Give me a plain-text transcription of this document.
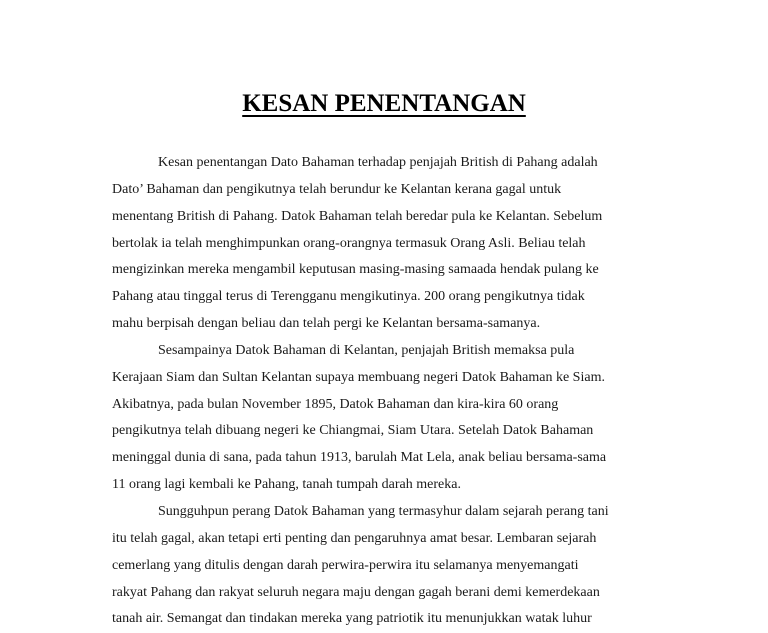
KESAN PENENTANGAN
Kesan penentangan Dato Bahaman terhadap penjajah British di Pahang adalah
Dato’ Bahaman dan pengikutnya telah berundur ke Kelantan kerana gagal untuk
menentang British di Pahang. Datok Bahaman telah beredar pula ke Kelantan. Sebelum
bertolak ia telah menghimpunkan orang-orangnya termasuk Orang Asli. Beliau telah
mengizinkan mereka mengambil keputusan masing-masing samaada hendak pulang ke
Pahang atau tinggal terus di Terengganu mengikutinya. 200 orang pengikutnya tidak
mahu berpisah dengan beliau dan telah pergi ke Kelantan bersama-samanya.
Sesampainya Datok Bahaman di Kelantan, penjajah British memaksa pula
Kerajaan Siam dan Sultan Kelantan supaya membuang negeri Datok Bahaman ke Siam.
Akibatnya, pada bulan November 1895, Datok Bahaman dan kira-kira 60 orang
pengikutnya telah dibuang negeri ke Chiangmai, Siam Utara. Setelah Datok Bahaman
meninggal dunia di sana, pada tahun 1913, barulah Mat Lela, anak beliau bersama-sama
11 orang lagi kembali ke Pahang, tanah tumpah darah mereka.
Sungguhpun perang Datok Bahaman yang termasyhur dalam sejarah perang tani
itu telah gagal, akan tetapi erti penting dan pengaruhnya amat besar. Lembaran sejarah
cemerlang yang ditulis dengan darah perwira-perwira itu selamanya menyemangati
rakyat Pahang dan rakyat seluruh negara maju dengan gagah berani demi kemerdekaan
tanah air. Semangat dan tindakan mereka yang patriotik itu menunjukkan watak luhur
